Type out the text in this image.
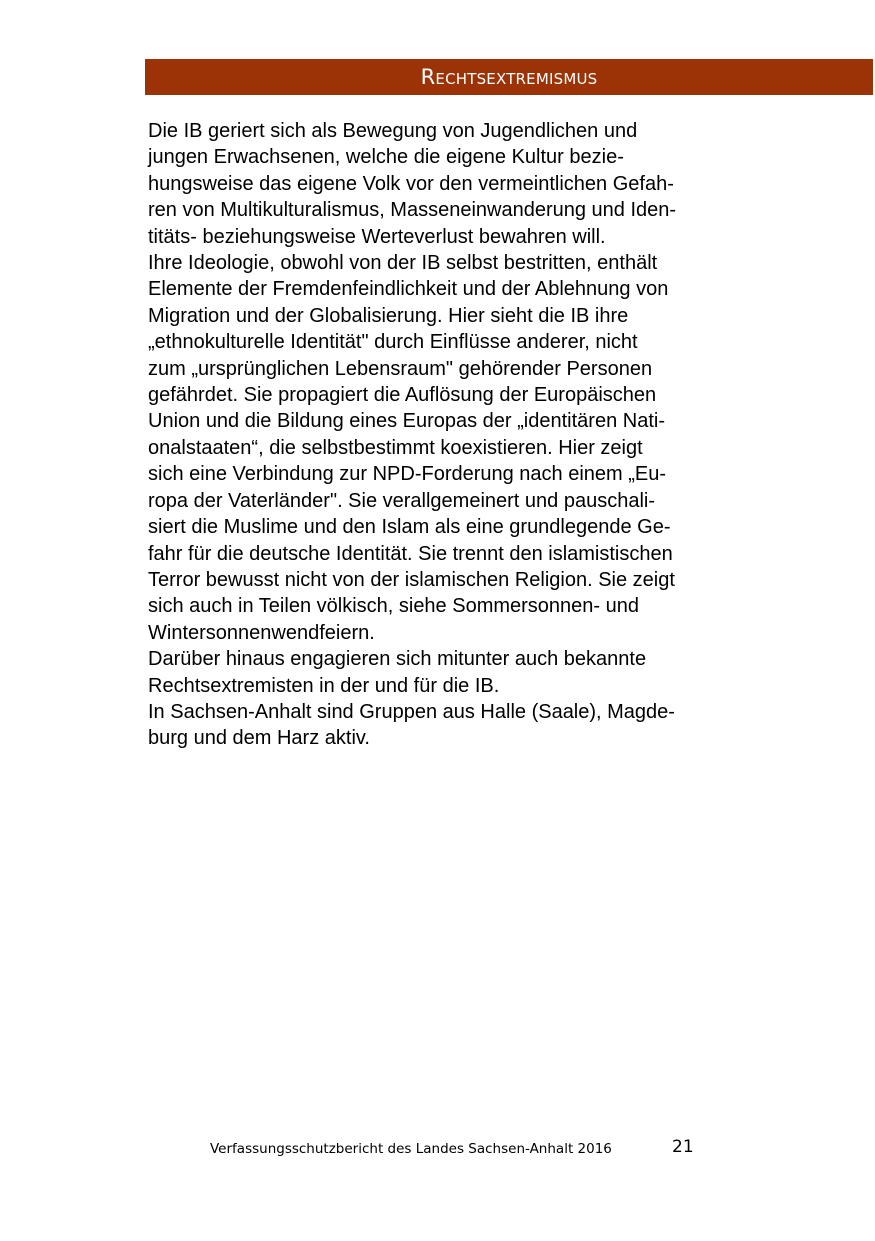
Rechtsextremismus
Die IB geriert sich als Bewegung von Jugendlichen und
jungen Erwachsenen, welche die eigene Kultur bezie-
hungsweise das eigene Volk vor den vermeintlichen Gefah-
ren von Multikulturalismus, Masseneinwanderung und Iden-
titäts- beziehungsweise Werteverlust bewahren will.
Ihre Ideologie, obwohl von der IB selbst bestritten, enthält
Elemente der Fremdenfeindlichkeit und der Ablehnung von
Migration und der Globalisierung. Hier sieht die IB ihre
„ethnokulturelle Identität" durch Einflüsse anderer, nicht
zum „ursprünglichen Lebensraum" gehörender Personen
gefährdet. Sie propagiert die Auflösung der Europäischen
Union und die Bildung eines Europas der „identitären Nati-
onalstaaten“, die selbstbestimmt koexistieren. Hier zeigt
sich eine Verbindung zur NPD-Forderung nach einem „Eu-
ropa der Vaterländer". Sie verallgemeinert und pauschali-
siert die Muslime und den Islam als eine grundlegende Ge-
fahr für die deutsche Identität. Sie trennt den islamistischen
Terror bewusst nicht von der islamischen Religion. Sie zeigt
sich auch in Teilen völkisch, siehe Sommersonnen- und
Wintersonnenwendfeiern.
Darüber hinaus engagieren sich mitunter auch bekannte
Rechtsextremisten in der und für die IB.
In Sachsen-Anhalt sind Gruppen aus Halle (Saale), Magde-
burg und dem Harz aktiv.
Verfassungsschutzbericht des Landes Sachsen-Anhalt 2016	21
